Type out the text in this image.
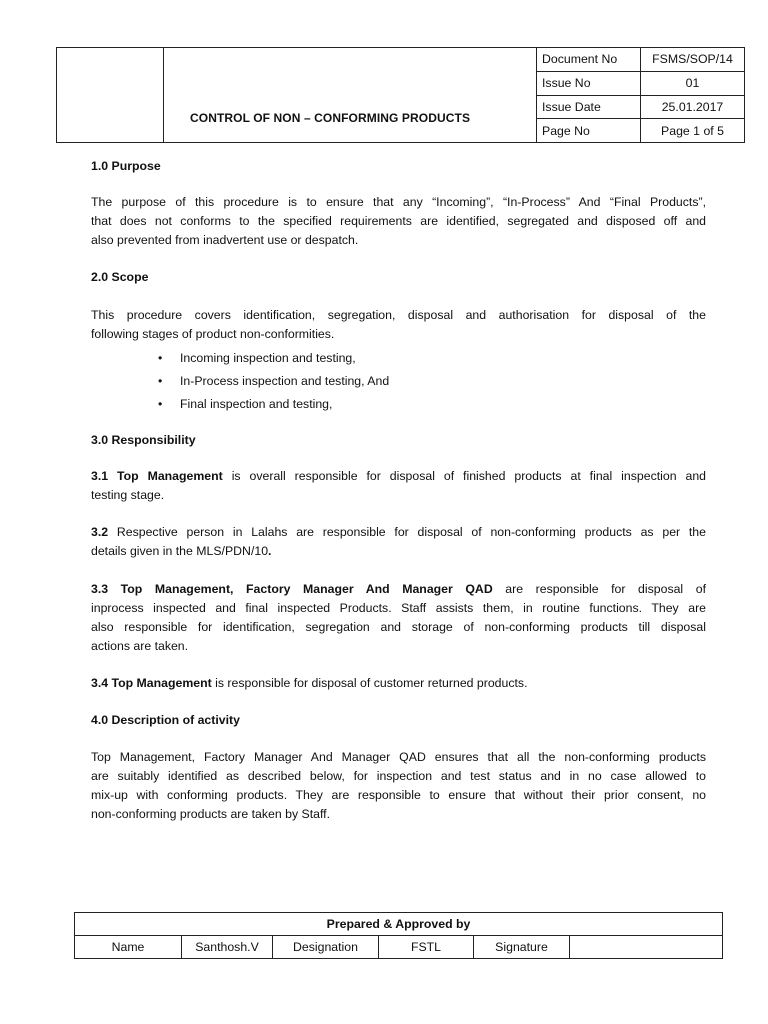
		Document No	FSMS/SOP/14
		Issue No	01
		Issue Date	25.01.2017
		Page No	Page 1 of 5
CONTROL OF NON – CONFORMING PRODUCTS
1.0 Purpose
The purpose of this procedure is to ensure that any “Incoming”, “In-Process” And “Final Products”,
that does not conforms to the specified requirements are identified, segregated and disposed off and
also prevented from inadvertent use or despatch.
2.0 Scope
This procedure covers identification, segregation, disposal and authorisation for disposal of the
following stages of product non-conformities.
• Incoming inspection and testing,
• In-Process inspection and testing, And
• Final inspection and testing,
3.0 Responsibility
3.1 Top Management is overall responsible for disposal of finished products at final inspection and
testing stage.
3.2 Respective person in Lalahs are responsible for disposal of non-conforming products as per the
details given in the MLS/PDN/10.
3.3 Top Management, Factory Manager And Manager QAD are responsible for disposal of
inprocess inspected and final inspected Products. Staff assists them, in routine functions. They are
also responsible for identification, segregation and storage of non-conforming products till disposal
actions are taken.
3.4 Top Management is responsible for disposal of customer returned products.
4.0 Description of activity
Top Management, Factory Manager And Manager QAD ensures that all the non-conforming products
are suitably identified as described below, for inspection and test status and in no case allowed to
mix-up with conforming products. They are responsible to ensure that without their prior consent, no
non-conforming products are taken by Staff.
Prepared & Approved by
Name	Santhosh.V	Designation	FSTL	Signature	
